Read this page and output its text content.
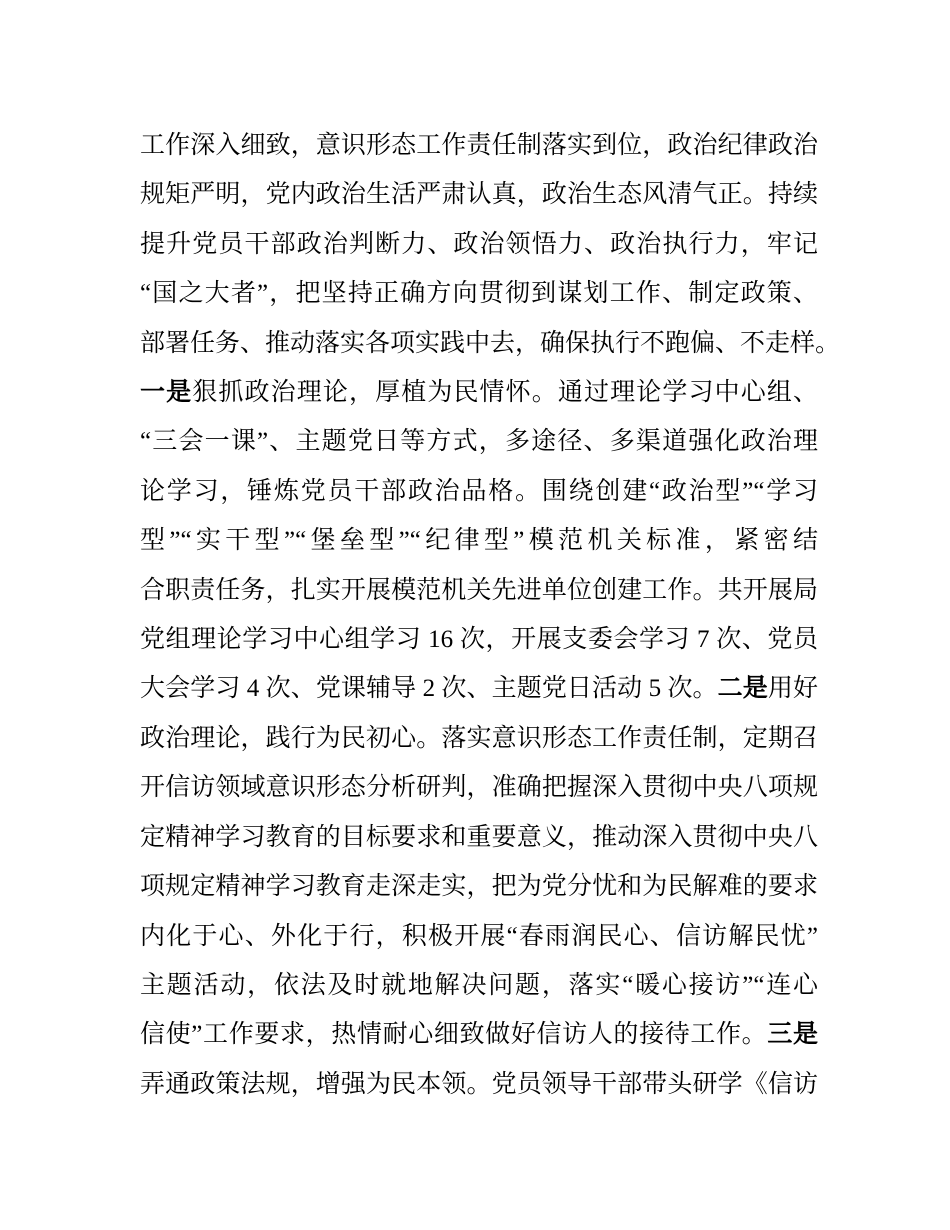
工作深入细致，意识形态工作责任制落实到位，政治纪律政治
规矩严明，党内政治生活严肃认真，政治生态风清气正。持续
提升党员干部政治判断力、政治领悟力、政治执行力，牢记
“国之大者”，把坚持正确方向贯彻到谋划工作、制定政策、
部署任务、推动落实各项实践中去，确保执行不跑偏、不走样。
一是狠抓政治理论，厚植为民情怀。通过理论学习中心组、
“三会一课”、主题党日等方式，多途径、多渠道强化政治理
论学习，锤炼党员干部政治品格。围绕创建“政治型”“学习
型”“实干型”“堡垒型”“纪律型”模范机关标准，紧密结
合职责任务，扎实开展模范机关先进单位创建工作。共开展局
党组理论学习中心组学习 16 次，开展支委会学习 7 次、党员
大会学习 4 次、党课辅导 2 次、主题党日活动 5 次。二是用好
政治理论，践行为民初心。落实意识形态工作责任制，定期召
开信访领域意识形态分析研判，准确把握深入贯彻中央八项规
定精神学习教育的目标要求和重要意义，推动深入贯彻中央八
项规定精神学习教育走深走实，把为党分忧和为民解难的要求
内化于心、外化于行，积极开展“春雨润民心、信访解民忧”
主题活动，依法及时就地解决问题，落实“暖心接访”“连心
信使”工作要求，热情耐心细致做好信访人的接待工作。三是
弄通政策法规，增强为民本领。党员领导干部带头研学《信访
